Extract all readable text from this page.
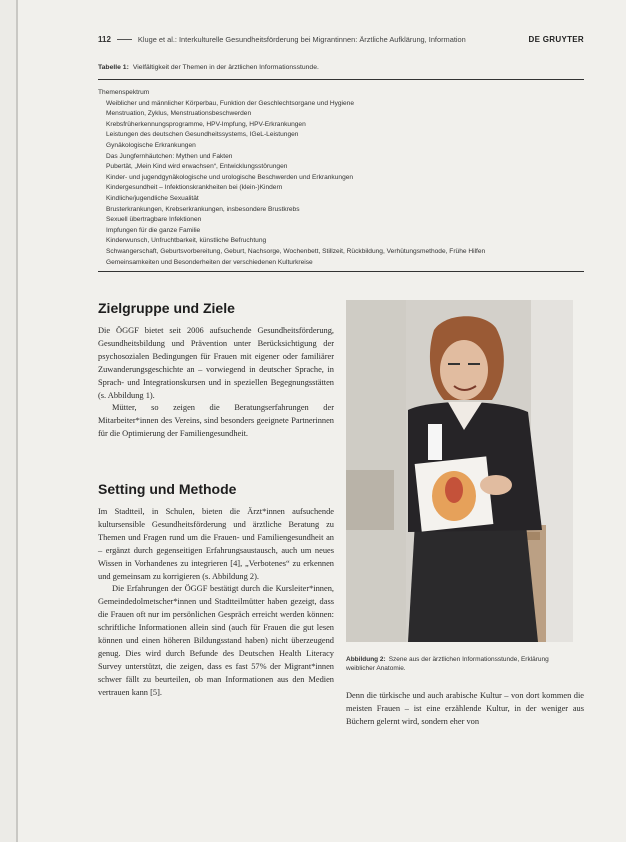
112	Kluge et al.: Interkulturelle Gesundheitsförderung bei Migrantinnen: Ärztliche Aufklärung, Information	DE GRUYTER
Tabelle 1: Vielfältigkeit der Themen in der ärztlichen Informationsstunde.
Themenspektrum
Weiblicher und männlicher Körperbau, Funktion der Geschlechtsorgane und Hygiene
Menstruation, Zyklus, Menstruationsbeschwerden
Krebsfrüherkennungsprogramme, HPV-Impfung, HPV-Erkrankungen
Leistungen des deutschen Gesundheitssystems, IGeL-Leistungen
Gynäkologische Erkrankungen
Das Jungfernhäutchen: Mythen und Fakten
Pubertät, „Mein Kind wird erwachsen“, Entwicklungsstörungen
Kinder- und jugendgynäkologische und urologische Beschwerden und Erkrankungen
Kindergesundheit – Infektionskrankheiten bei (klein-)Kindern
Kindliche/jugendliche Sexualität
Brusterkrankungen, Krebserkrankungen, insbesondere Brustkrebs
Sexuell übertragbare Infektionen
Impfungen für die ganze Familie
Kinderwunsch, Unfruchtbarkeit, künstliche Befruchtung
Schwangerschaft, Geburtsvorbereitung, Geburt, Nachsorge, Wochenbett, Stillzeit, Rückbildung, Verhütungsmethode, Frühe Hilfen
Gemeinsamkeiten und Besonderheiten der verschiedenen Kulturkreise
Zielgruppe und Ziele

Die ÖGGF bietet seit 2006 aufsuchende Gesundheitsförderung, Gesundheitsbildung und Prävention unter Berücksichtigung der psychosozialen Bedingungen für Frauen mit eigener oder familiärer Zuwanderungsgeschichte an – vorwiegend in deutscher Sprache, in Sprach- und Integrationskursen und in speziellen Begegnungsstätten (s. Abbildung 1).

Mütter, so zeigen die Beratungserfahrungen der Mitarbeiter*innen des Vereins, sind besonders geeignete Partnerinnen für die Optimierung der Familiengesundheit.

Setting und Methode

Im Stadtteil, in Schulen, bieten die Ärzt*innen aufsuchende kultursensible Gesundheitsförderung und ärztliche Beratung zu Themen und Fragen rund um die Frauen- und Familiengesundheit an – ergänzt durch gegenseitigen Erfahrungsaustausch, auch um neues Wissen in Vorhandenes zu integrieren [4], „Verbotenes“ zu erkennen und gemeinsam zu korrigieren (s. Abbildung 2).

Die Erfahrungen der ÖGGF bestätigt durch die Kursleiter*innen, Gemeindedolmetscher*innen und Stadtteilmütter haben gezeigt, dass die Frauen oft nur im persönlichen Gespräch erreicht werden können: schriftliche Informationen allein sind (auch für Frauen die gut lesen können und einen höheren Bildungsstand haben) nicht überzeugend genug. Dies wird durch Befunde des Deutschen Health Literacy Survey unterstützt, die zeigen, dass es fast 57% der Migrant*innen schwer fällt zu beurteilen, ob man Informationen aus den Medien vertrauen kann [5].

Abbildung 2: Szene aus der ärztlichen Informationsstunde, Erklärung weiblicher Anatomie.
Denn die türkische und auch arabische Kultur – von dort kommen die meisten Frauen – ist eine erzählende Kultur, in der weniger aus Büchern gelernt wird, sondern eher von
